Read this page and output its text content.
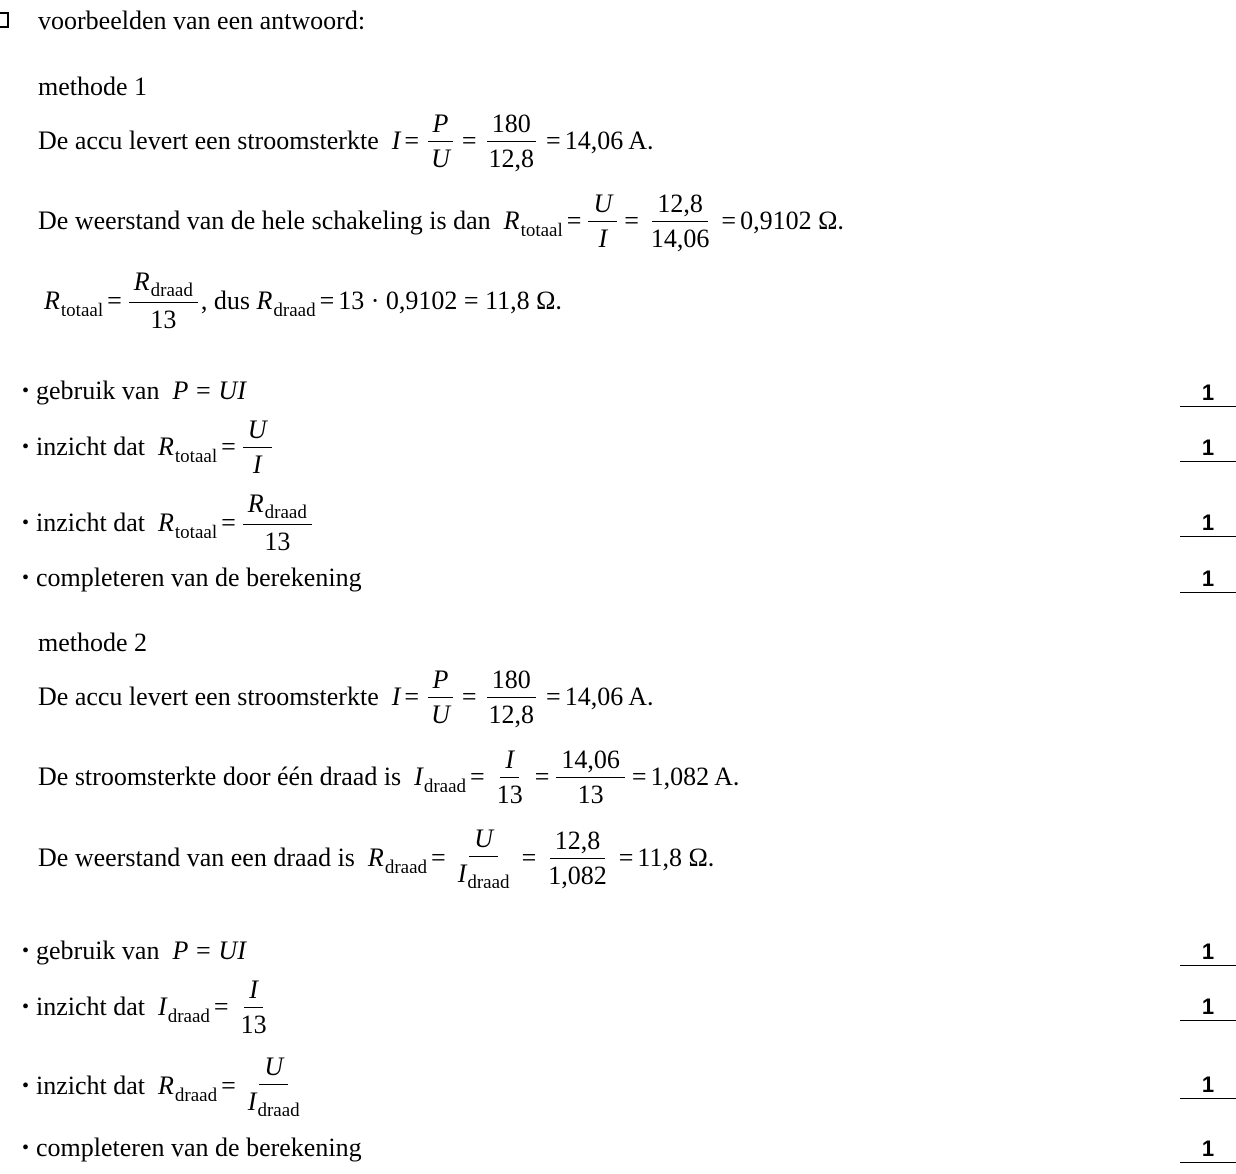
voorbeelden van een antwoord:
methode 1
De accu levert een stroomsterkte
$I = \frac{P}{U} = \frac{180}{12,8} = 14,06$ A.
De weerstand van de hele schakeling is dan
R totaal = $\frac{U}{I} = \frac{12,8}{14,06} = 0,9102$ Ω.
R totaal = $\frac{R_{draad}}{13}$ , dus
R draad = 13 · 0,9102 = 11,8 Ω.
• gebruik van
P = UI	1
• inzicht dat
R totaal = $\frac{U}{I}$	1
• inzicht dat
R totaal = $\frac{R_{draad}}{13}$	1
• completeren van de berekening	1
methode 2
De accu levert een stroomsterkte
$I = \frac{P}{U} = \frac{180}{12,8} = 14,06$ A.
De stroomsterkte door één draad is
I draad = $\frac{I}{13} = \frac{14,06}{13} = 1,082$ A.
De weerstand van een draad is
R draad = $\frac{U}{I_{draad}} = \frac{12,8}{1,082} = 11,8$ Ω.
• gebruik van
P = UI	1
• inzicht dat
I draad = $\frac{I}{13}$	1
• inzicht dat
R draad = $\frac{U}{I_{draad}}$	1
• completeren van de berekening	1
